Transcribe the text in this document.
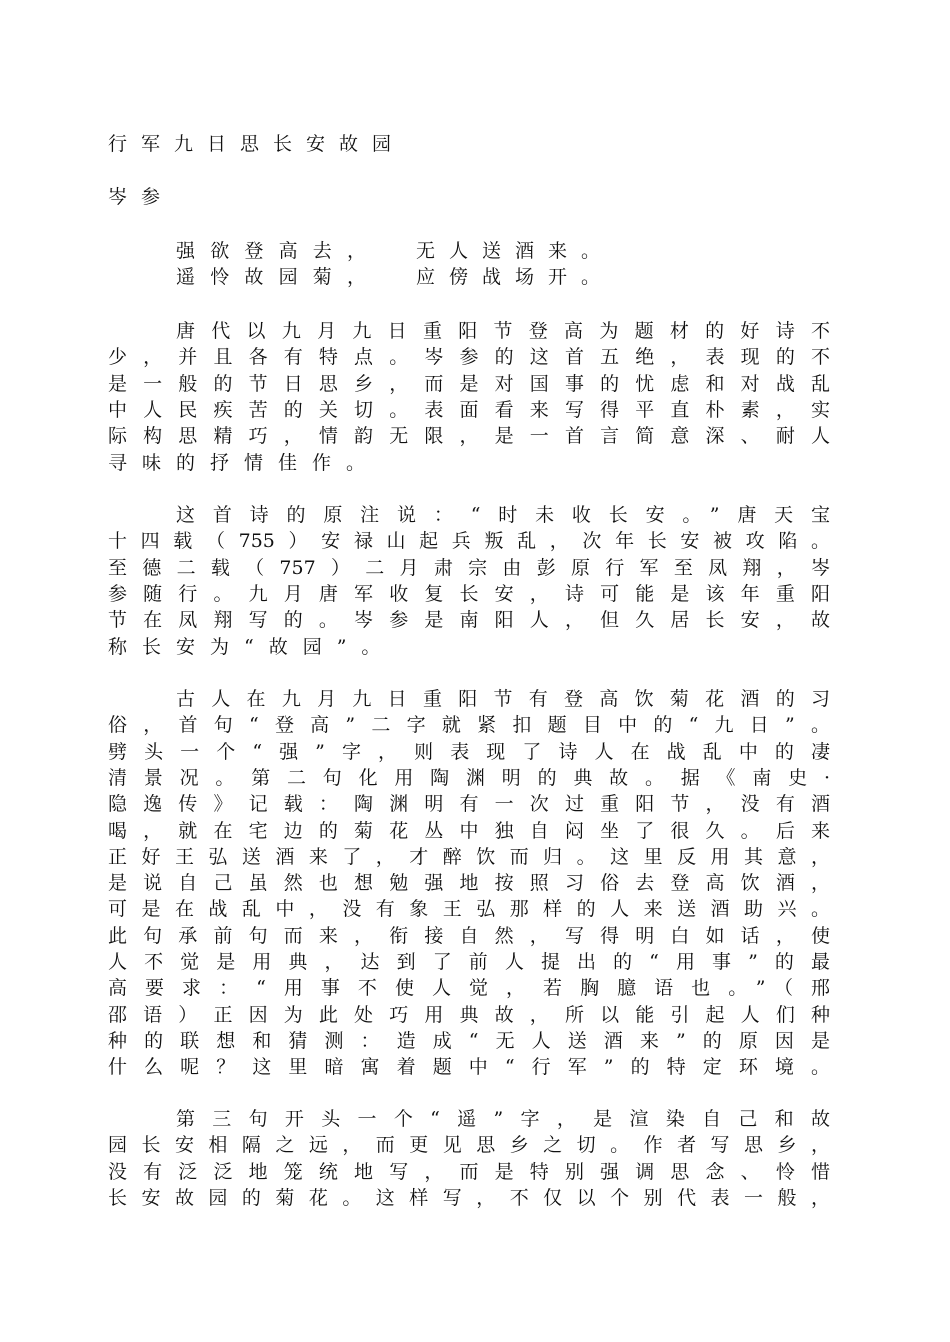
行军九日思长安故园
岑参
强欲登高去，	无人送酒来。
遥怜故园菊，	应傍战场开。
唐代以九月九日重阳节登高为题材的好诗不
少，并且各有特点。岑参的这首五绝，表现的不
是一般的节日思乡，而是对国事的忧虑和对战乱
中人民疾苦的关切。表面看来写得平直朴素，实
际构思精巧，情韵无限，是一首言简意深、耐人
寻味的抒情佳作。
这首诗的原注说：“时未收长安。”唐天宝
十四载（755）安禄山起兵叛乱，次年长安被攻陷。
至德二载（757）二月肃宗由彭原行军至凤翔，岑
参随行。九月唐军收复长安，诗可能是该年重阳
节在凤翔写的。岑参是南阳人，但久居长安，故
称长安为“故园”。
古人在九月九日重阳节有登高饮菊花酒的习
俗，首句“登高”二字就紧扣题目中的“九日”。
劈头一个“强”字，则表现了诗人在战乱中的凄
清景况。第二句化用陶渊明的典故。据《南史·
隐逸传》记载：陶渊明有一次过重阳节，没有酒
喝，就在宅边的菊花丛中独自闷坐了很久。后来
正好王弘送酒来了，才醉饮而归。这里反用其意，
是说自己虽然也想勉强地按照习俗去登高饮酒，
可是在战乱中，没有象王弘那样的人来送酒助兴。
此句承前句而来，衔接自然，写得明白如话，使
人不觉是用典，达到了前人提出的“用事”的最
高要求：“用事不使人觉，若胸臆语也。”（邢
邵语）正因为此处巧用典故，所以能引起人们种
种的联想和猜测：造成“无人送酒来”的原因是
什么呢？这里暗寓着题中“行军”的特定环境。
第三句开头一个“遥”字，是渲染自己和故
园长安相隔之远，而更见思乡之切。作者写思乡，
没有泛泛地笼统地写，而是特别强调思念、怜惜
长安故园的菊花。这样写，不仅以个别代表一般，
